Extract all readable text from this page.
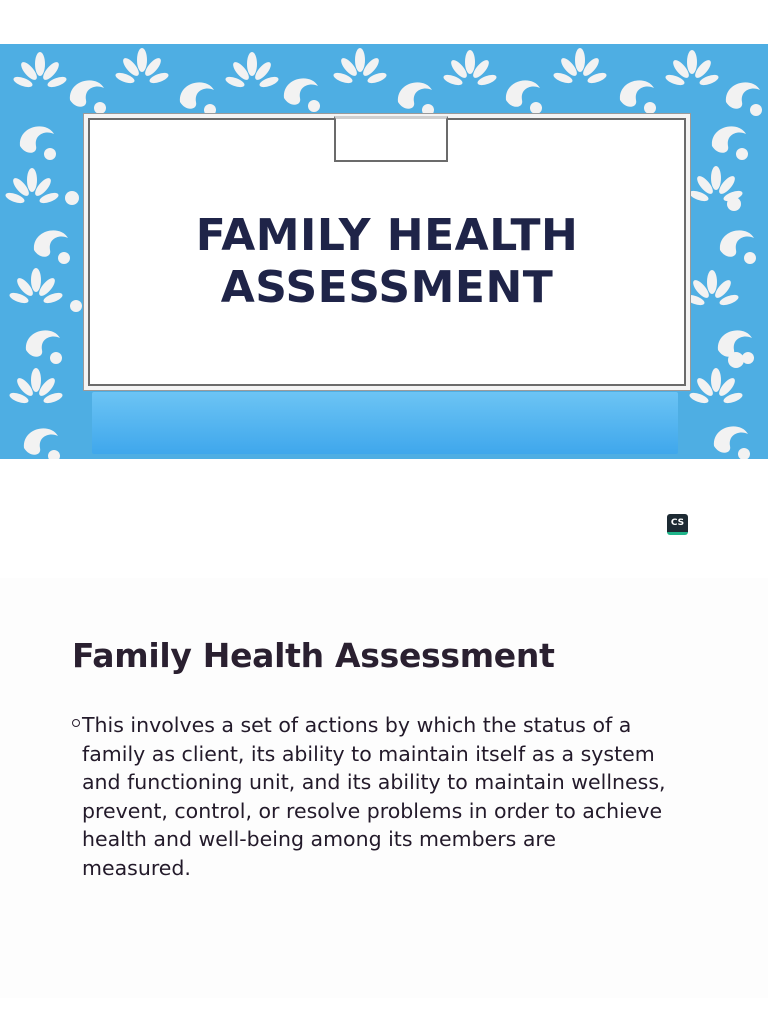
FAMILY HEALTH
ASSESSMENT
CS
Family Health Assessment
This involves a set of actions by which the status of a
family as client, its ability to maintain itself as a system
and functioning unit, and its ability to maintain wellness,
prevent, control, or resolve problems in order to achieve
health and well-being among its members are
measured.
